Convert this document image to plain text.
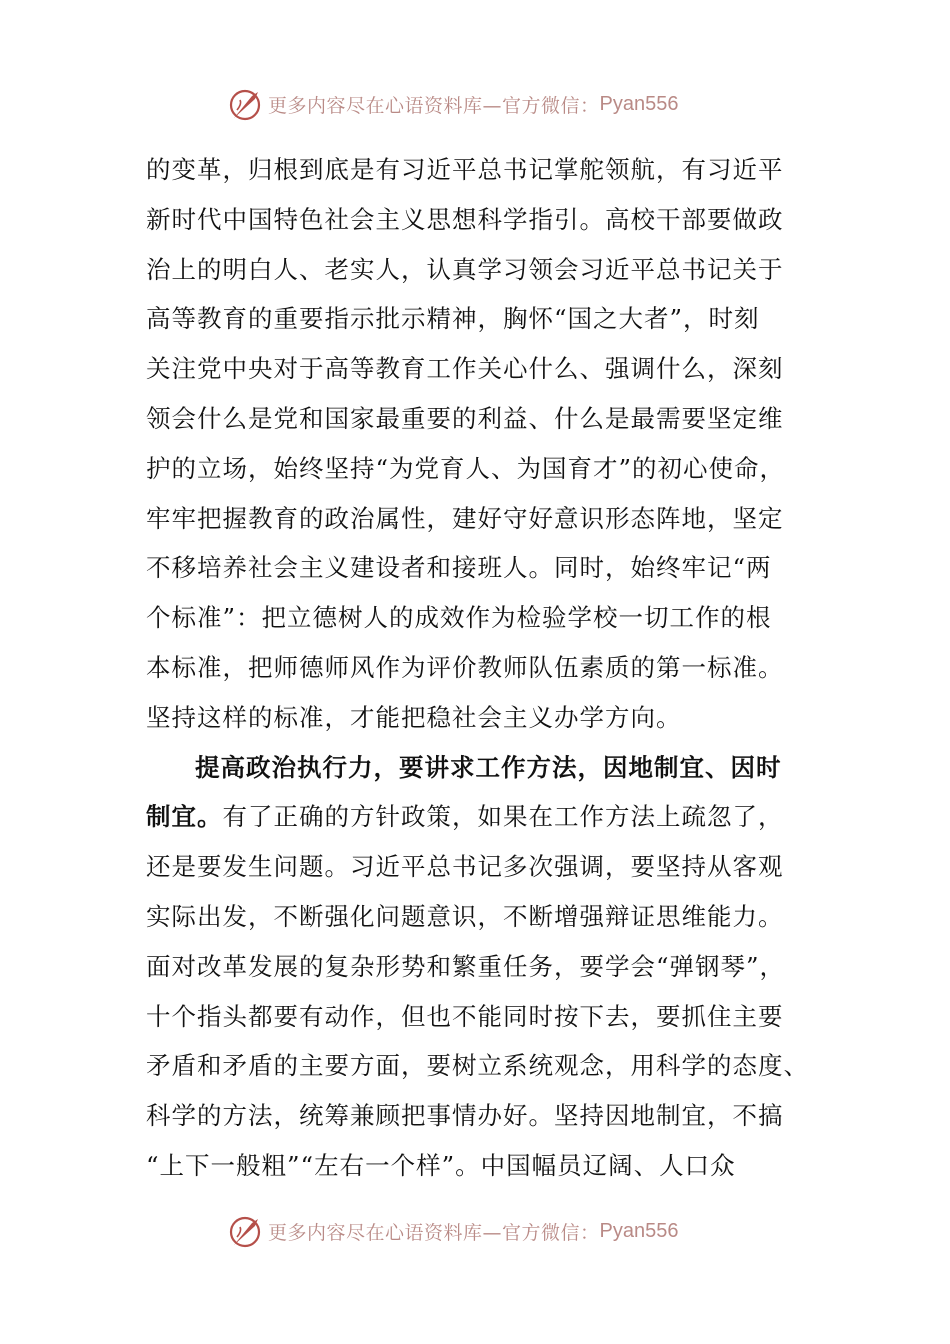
更多内容尽在心语资料库—官方微信： Pyan556
的变革，归根到底是有习近平总书记掌舵领航，有习近平
新时代中国特色社会主义思想科学指引。高校干部要做政
治上的明白人、老实人，认真学习领会习近平总书记关于
高等教育的重要指示批示精神，胸怀“国之大者”，时刻
关注党中央对于高等教育工作关心什么、强调什么，深刻
领会什么是党和国家最重要的利益、什么是最需要坚定维
护的立场，始终坚持“为党育人、为国育才”的初心使命，
牢牢把握教育的政治属性，建好守好意识形态阵地，坚定
不移培养社会主义建设者和接班人。同时，始终牢记“两
个标准”：把立德树人的成效作为检验学校一切工作的根
本标准，把师德师风作为评价教师队伍素质的第一标准。
坚持这样的标准，才能把稳社会主义办学方向。
提高政治执行力，要讲求工作方法，因地制宜、因时
制宜。有了正确的方针政策，如果在工作方法上疏忽了，
还是要发生问题。习近平总书记多次强调，要坚持从客观
实际出发，不断强化问题意识，不断增强辩证思维能力。
面对改革发展的复杂形势和繁重任务，要学会“弹钢琴”，
十个指头都要有动作，但也不能同时按下去，要抓住主要
矛盾和矛盾的主要方面，要树立系统观念，用科学的态度、
科学的方法，统筹兼顾把事情办好。坚持因地制宜，不搞
“上下一般粗”“左右一个样”。中国幅员辽阔、人口众
更多内容尽在心语资料库—官方微信： Pyan556
